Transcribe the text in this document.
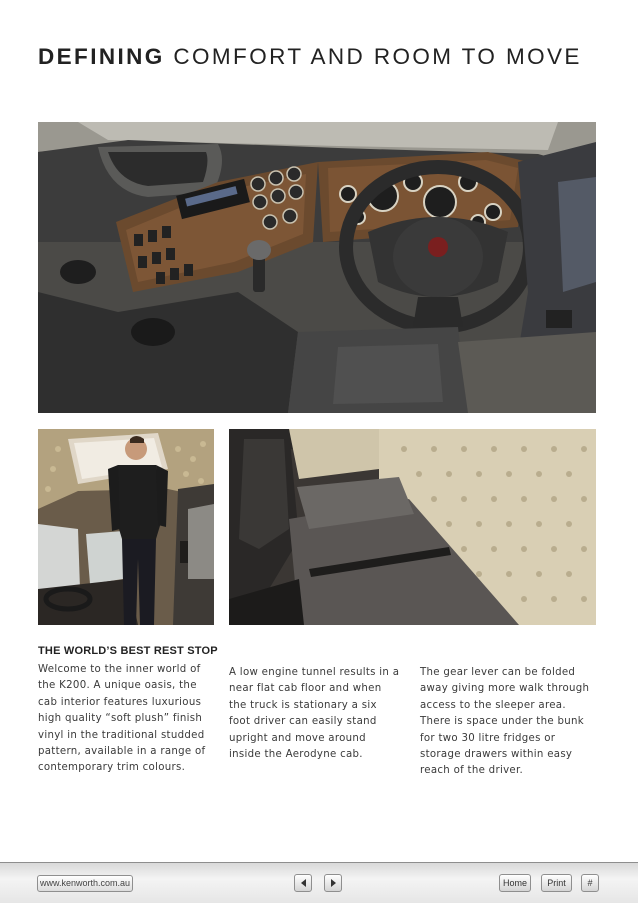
DEFINING COMFORT AND ROOM TO MOVE
THE WORLD’S BEST REST STOP
Welcome to the inner world of the K200. A unique oasis, the cab interior features luxurious high quality “soft plush” finish vinyl in the traditional studded pattern, available in a range of contemporary trim colours.
A low engine tunnel results in a near flat cab floor and when the truck is stationary a six foot driver can easily stand upright and move around inside the Aerodyne cab.
The gear lever can be folded away giving more walk through access to the sleeper area. There is space under the bunk for two 30 litre fridges or storage drawers within easy reach of the driver.
www.kenworth.com.au	Home	Print	#
